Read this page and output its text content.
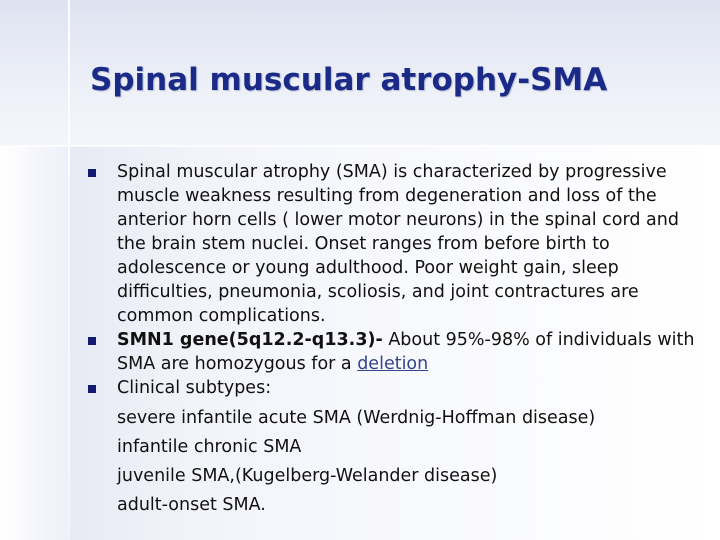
Spinal muscular atrophy-SMA
Spinal muscular atrophy (SMA) is characterized by progressive muscle weakness resulting from degeneration and loss of the anterior horn cells ( lower motor neurons) in the spinal cord and the brain stem nuclei. Onset ranges from before birth to adolescence or young adulthood. Poor weight gain, sleep difficulties, pneumonia, scoliosis, and joint contractures are common complications.
SMN1 gene(5q12.2-q13.3)- About 95%-98% of individuals with SMA are homozygous for a deletion
Clinical subtypes:
severe infantile acute SMA (Werdnig-Hoffman disease)
infantile chronic SMA
juvenile SMA,(Kugelberg-Welander disease)
adult-onset SMA.
